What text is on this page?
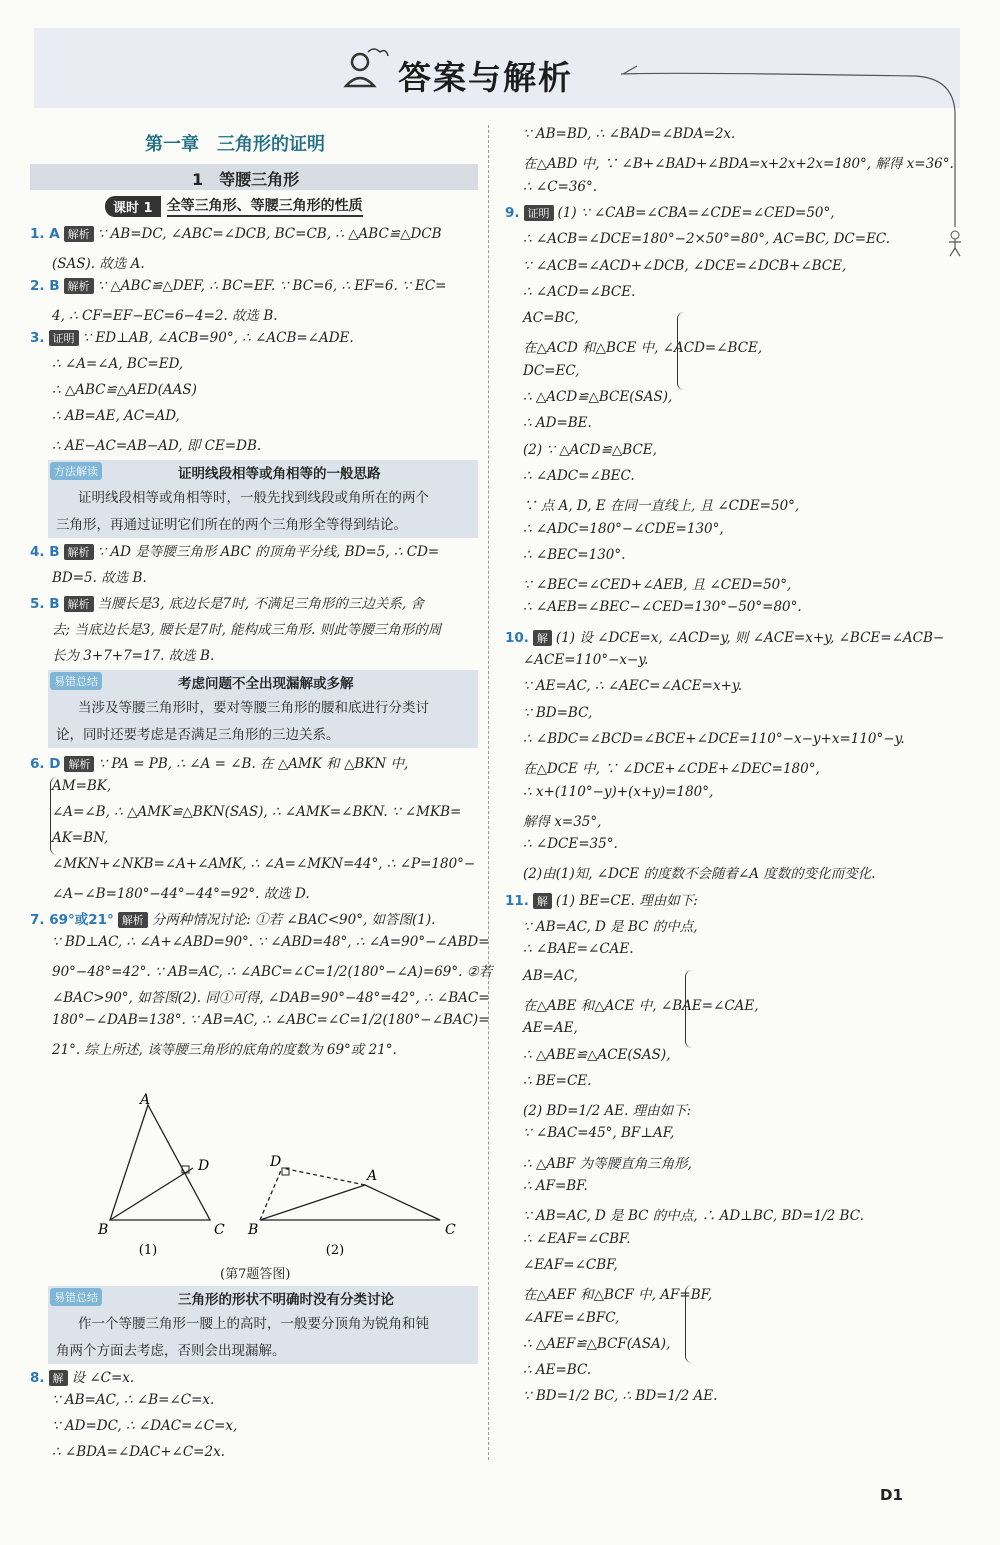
答案与解析
第一章　三角形的证明
1　等腰三角形
课时 1	全等三角形、等腰三角形的性质
1. A 解析 ∵ AB=DC, ∠ABC=∠DCB, BC=CB, ∴ △ABC≌△DCB
(SAS). 故选 A.
2. B 解析 ∵ △ABC≌△DEF, ∴ BC=EF. ∵ BC=6, ∴ EF=6. ∵ EC=
4, ∴ CF=EF−EC=6−4=2. 故选 B.
3. 证明 ∵ ED⊥AB, ∠ACB=90°, ∴ ∠ACB=∠ADE.
∴ ∠A=∠A, BC=ED,
∴ △ABC≌△AED(AAS)
∴ AB=AE, AC=AD,
∴ AE−AC=AB−AD, 即 CE=DB.
方法解读	证明线段相等或角相等的一般思路
证明线段相等或角相等时，一般先找到线段或角所在的两个
三角形，再通过证明它们所在的两个三角形全等得到结论。
4. B 解析 ∵ AD 是等腰三角形 ABC 的顶角平分线, BD=5, ∴ CD=
BD=5. 故选 B.
5. B 解析 当腰长是3, 底边长是7时, 不满足三角形的三边关系, 舍
去; 当底边长是3, 腰长是7时, 能构成三角形. 则此等腰三角形的周
长为 3+7+7=17. 故选 B.
易错总结	考虑问题不全出现漏解或多解
当涉及等腰三角形时，要对等腰三角形的腰和底进行分类讨
论，同时还要考虑是否满足三角形的三边关系。
6. D 解析 ∵ PA = PB, ∴ ∠A = ∠B. 在 △AMK 和 △BKN 中,
AM=BK,
∠A=∠B, ∴ △AMK≌△BKN(SAS), ∴ ∠AMK=∠BKN. ∵ ∠MKB=
AK=BN,
∠MKN+∠NKB=∠A+∠AMK, ∴ ∠A=∠MKN=44°, ∴ ∠P=180°−
∠A−∠B=180°−44°−44°=92°. 故选 D.
7. 69°或21° 解析 分两种情况讨论: ①若 ∠BAC<90°, 如答图(1).
∵ BD⊥AC, ∴ ∠A+∠ABD=90°. ∵ ∠ABD=48°, ∴ ∠A=90°−∠ABD=
90°−48°=42°. ∵ AB=AC, ∴ ∠ABC=∠C=1/2(180°−∠A)=69°. ②若
∠BAC>90°, 如答图(2). 同①可得, ∠DAB=90°−48°=42°, ∴ ∠BAC=
180°−∠DAB=138°. ∵ AB=AC, ∴ ∠ABC=∠C=1/2(180°−∠BAC)=
21°. 综上所述, 该等腰三角形的底角的度数为 69°或 21°.
A
B	C
D	D
A
B	C
(1)	(2)
(第7题答图)
易错总结	三角形的形状不明确时没有分类讨论
作一个等腰三角形一腰上的高时，一般要分顶角为锐角和钝
角两个方面去考虑，否则会出现漏解。
8. 解 设 ∠C=x.
∵ AB=AC, ∴ ∠B=∠C=x.
∵ AD=DC, ∴ ∠DAC=∠C=x,
∴ ∠BDA=∠DAC+∠C=2x.
∵ AB=BD, ∴ ∠BAD=∠BDA=2x.
在△ABD 中, ∵ ∠B+∠BAD+∠BDA=x+2x+2x=180°, 解得 x=36°.
∴ ∠C=36°.
9. 证明 (1) ∵ ∠CAB=∠CBA=∠CDE=∠CED=50°,
∴ ∠ACB=∠DCE=180°−2×50°=80°, AC=BC, DC=EC.
∵ ∠ACB=∠ACD+∠DCB, ∠DCE=∠DCB+∠BCE,
∴ ∠ACD=∠BCE.
AC=BC,
在△ACD 和△BCE 中, ∠ACD=∠BCE,
DC=EC,
∴ △ACD≌△BCE(SAS),
∴ AD=BE.
(2) ∵ △ACD≌△BCE,
∴ ∠ADC=∠BEC.
∵ 点 A, D, E 在同一直线上, 且 ∠CDE=50°,
∴ ∠ADC=180°−∠CDE=130°,
∴ ∠BEC=130°.
∵ ∠BEC=∠CED+∠AEB, 且 ∠CED=50°,
∴ ∠AEB=∠BEC−∠CED=130°−50°=80°.
10. 解 (1) 设 ∠DCE=x, ∠ACD=y, 则 ∠ACE=x+y, ∠BCE=∠ACB−
∠ACE=110°−x−y.
∵ AE=AC, ∴ ∠AEC=∠ACE=x+y.
∵ BD=BC,
∴ ∠BDC=∠BCD=∠BCE+∠DCE=110°−x−y+x=110°−y.
在△DCE 中, ∵ ∠DCE+∠CDE+∠DEC=180°,
∴ x+(110°−y)+(x+y)=180°,
解得 x=35°,
∴ ∠DCE=35°.
(2)由(1)知, ∠DCE 的度数不会随着∠A 度数的变化而变化.
11. 解 (1) BE=CE. 理由如下:
∵ AB=AC, D 是 BC 的中点,
∴ ∠BAE=∠CAE.
AB=AC,
在△ABE 和△ACE 中, ∠BAE=∠CAE,
AE=AE,
∴ △ABE≌△ACE(SAS),
∴ BE=CE.
(2) BD=1/2 AE. 理由如下:
∵ ∠BAC=45°, BF⊥AF,
∴ △ABF 为等腰直角三角形,
∴ AF=BF.
∵ AB=AC, D 是 BC 的中点, ∴ AD⊥BC, BD=1/2 BC.
∴ ∠EAF=∠CBF.
∠EAF=∠CBF,
在△AEF 和△BCF 中, AF=BF,
∠AFE=∠BFC,
∴ △AEF≌△BCF(ASA),
∴ AE=BC.
∵ BD=1/2 BC, ∴ BD=1/2 AE.
D1
